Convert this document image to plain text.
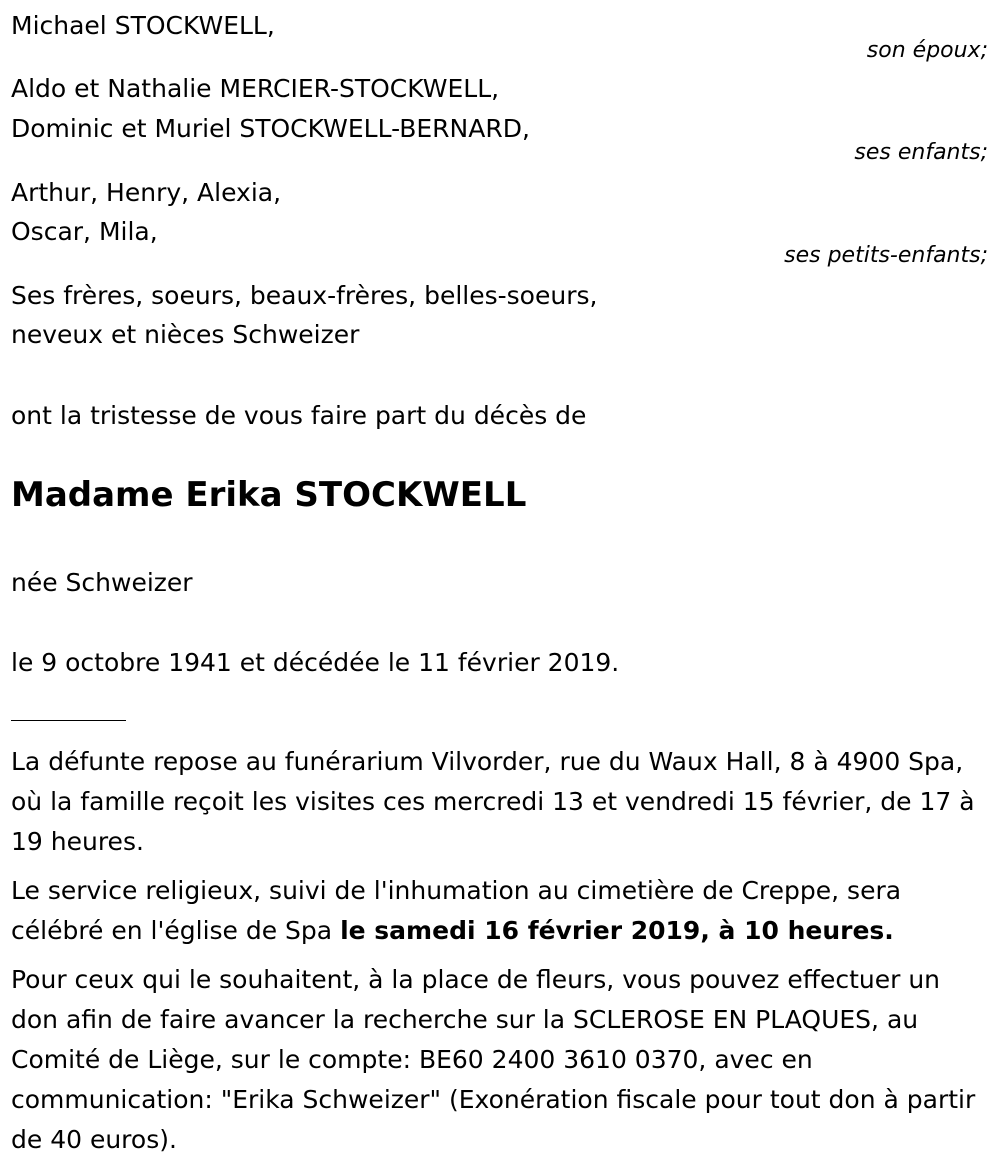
Michael STOCKWELL,
son époux;
Aldo et Nathalie MERCIER-STOCKWELL,
Dominic et Muriel STOCKWELL-BERNARD,
ses enfants;
Arthur, Henry, Alexia,
Oscar, Mila,
ses petits-enfants;
Ses frères, soeurs, beaux-frères, belles-soeurs,
neveux et nièces Schweizer
ont la tristesse de vous faire part du décès de
Madame Erika STOCKWELL
née Schweizer
le 9 octobre 1941 et décédée le 11 février 2019.
La défunte repose au funérarium Vilvorder, rue du Waux Hall, 8 à 4900 Spa, où la famille reçoit les visites ces mercredi 13 et vendredi 15 février, de 17 à 19 heures.
Le service religieux, suivi de l'inhumation au cimetière de Creppe, sera célébré en l'église de Spa le samedi 16 février 2019, à 10 heures.
Pour ceux qui le souhaitent, à la place de fleurs, vous pouvez effectuer un don afin de faire avancer la recherche sur la SCLEROSE EN PLAQUES, au Comité de Liège, sur le compte: BE60 2400 3610 0370, avec en communication: "Erika Schweizer" (Exonération fiscale pour tout don à partir de 40 euros).
